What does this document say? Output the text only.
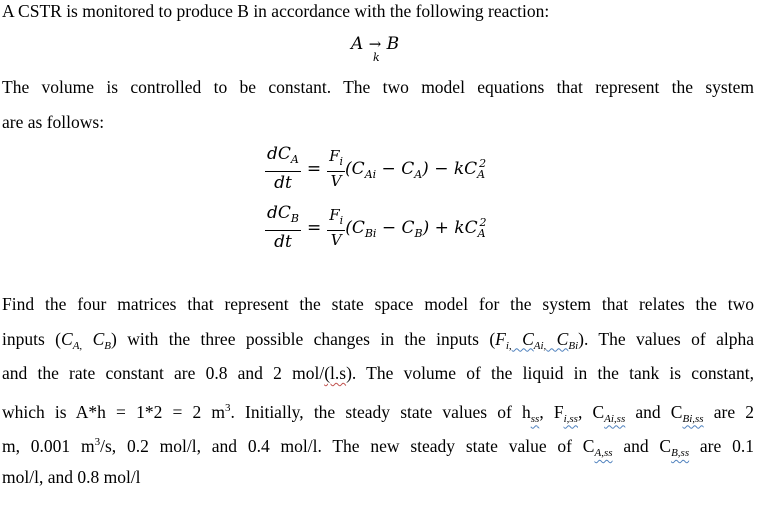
A CSTR is monitored to produce B in accordance with the following reaction:

A → B
k

The volume is controlled to be constant. The two model equations that represent the system
are as follows:

$\frac{dC_A}{dt} = \frac{F_i}{V} (C_{Ai} - C_A) - kC_A^2$
$\frac{dC_B}{dt} = \frac{F_i}{V} (C_{Bi} - C_B) + kC_A^2$

Find the four matrices that represent the state space model for the system that relates the two
inputs ($C_{A,}$ $C_B$) with the three possible changes in the inputs ($F_{i,}$ $C_{Ai,}$ $C_{Bi}$). The values of alpha
and the rate constant are 0.8 and 2 mol/(l.s). The volume of the liquid in the tank is constant,
which is A*h = 1*2 = 2 $m^3$. Initially, the steady state values of $h_{ss}$, $F_{i,ss}$, $C_{Ai,ss}$ and $C_{Bi,ss}$ are 2
m, 0.001 $m^3/s$, 0.2 mol/l, and 0.4 mol/l. The new steady state value of $C_{A,ss}$ and $C_{B,ss}$ are 0.1
mol/l, and 0.8 mol/l
